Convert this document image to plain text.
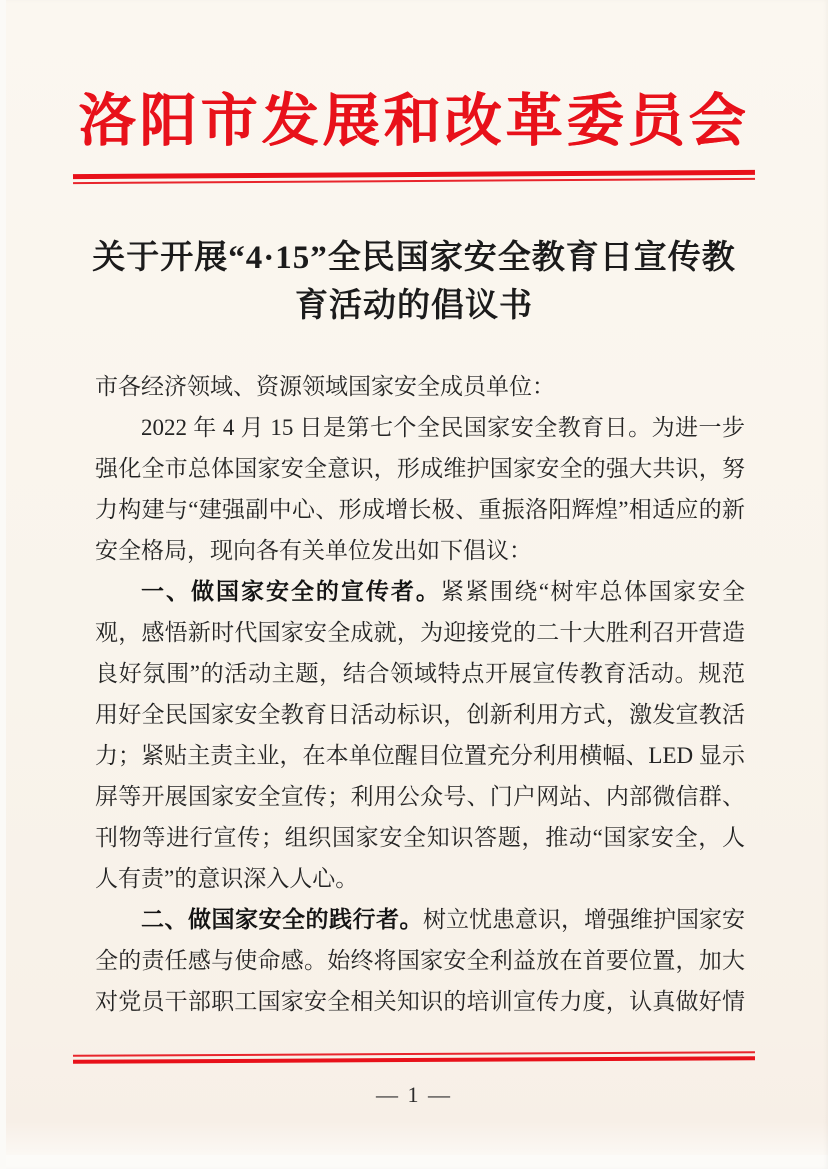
洛阳市发展和改革委员会
关于开展“4·15”全民国家安全教育日宣传教育活动的倡议书

市各经济领域、资源领域国家安全成员单位：

2022 年 4 月 15 日是第七个全民国家安全教育日。为进一步强化全市总体国家安全意识，形成维护国家安全的强大共识，努力构建与“建强副中心、形成增长极、重振洛阳辉煌”相适应的新安全格局，现向各有关单位发出如下倡议：

一、做国家安全的宣传者。紧紧围绕“树牢总体国家安全观，感悟新时代国家安全成就，为迎接党的二十大胜利召开营造良好氛围”的活动主题，结合领域特点开展宣传教育活动。规范用好全民国家安全教育日活动标识，创新利用方式，激发宣教活力；紧贴主责主业，在本单位醒目位置充分利用横幅、LED 显示屏等开展国家安全宣传；利用公众号、门户网站、内部微信群、刊物等进行宣传；组织国家安全知识答题，推动“国家安全，人人有责”的意识深入人心。

二、做国家安全的践行者。树立忧患意识，增强维护国家安全的责任感与使命感。始终将国家安全利益放在首要位置，加大对党员干部职工国家安全相关知识的培训宣传力度，认真做好情

— 1 —
